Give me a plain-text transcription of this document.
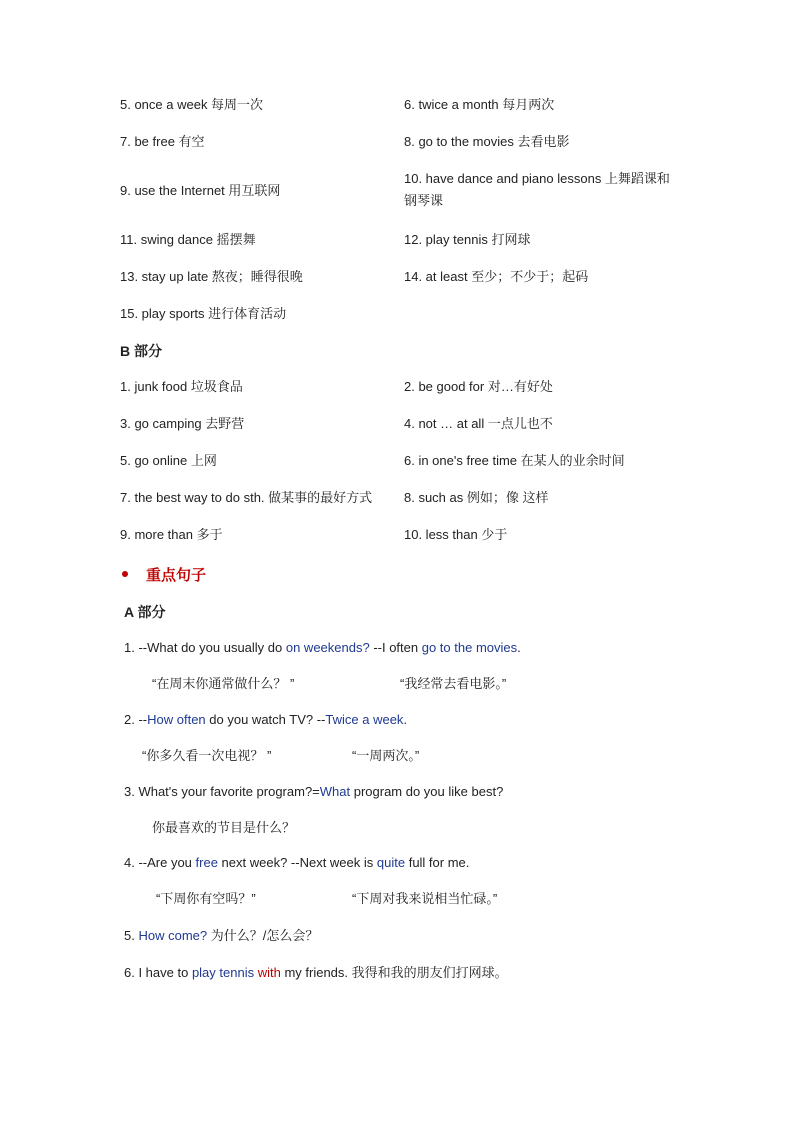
5. once a week 每周一次	6. twice a month 每月两次
7. be free 有空	8. go to the movies 去看电影
9. use the Internet 用互联网
10. have dance and piano lessons 上舞蹈课和钢琴课
11. swing dance 摇摆舞	12. play tennis 打网球
13. stay up late 熬夜；睡得很晚	14. at least 至少；不少于；起码
15. play sports 进行体育活动
B 部分
1. junk food 垃圾食品	2. be good for 对…有好处
3. go camping 去野营	4. not … at all 一点儿也不
5. go online 上网	6. in one's free time 在某人的业余时间
7. the best way to do sth. 做某事的最好方式 8. such as 例如；像 这样
9. more than 多于	10. less than 少于
重点句子
A 部分
1. --What do you usually do on weekends? --I often go to the movies.
“在周末你通常做什么？ ”	“我经常去看电影。”
2. --How often do you watch TV? --Twice a week.
“你多久看一次电视？ ”	“一周两次。”
3. What's your favorite program?=What program do you like best?
你最喜欢的节目是什么？
4. --Are you free next week? --Next week is quite full for me.
“下周你有空吗？”	“下周对我来说相当忙碌。”
5. How come? 为什么？/怎么会？
6. I have to play tennis with my friends. 我得和我的朋友们打网球。
